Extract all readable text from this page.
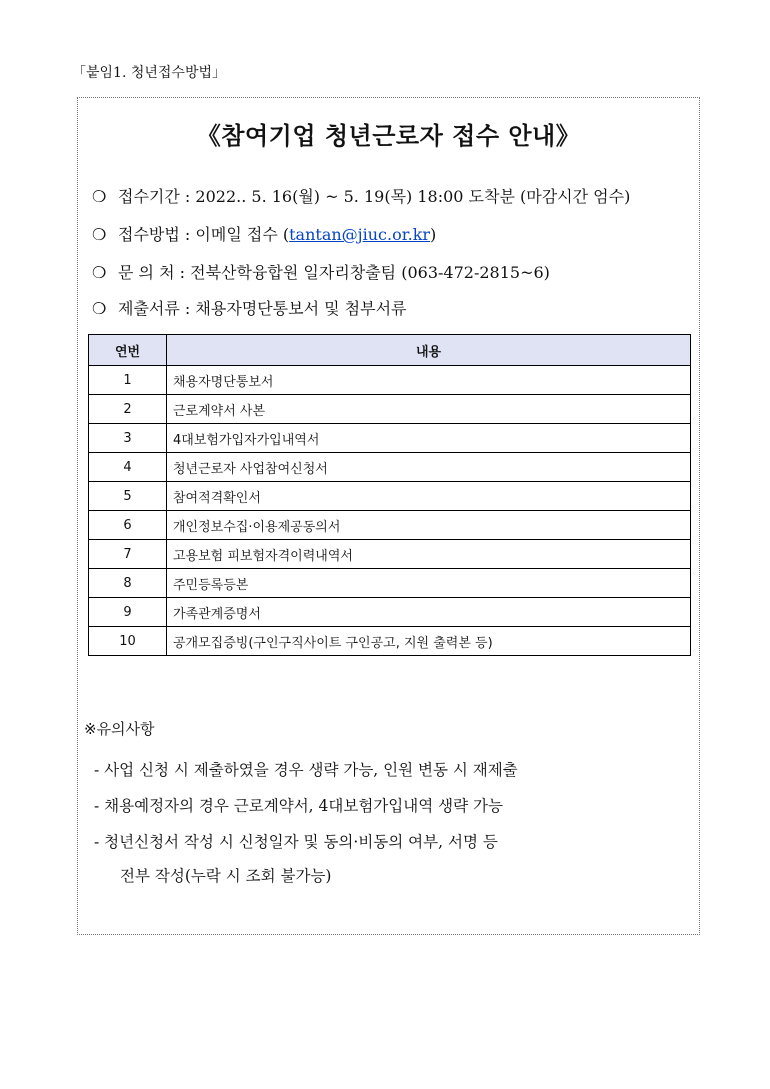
「붙임1. 청년접수방법」
《참여기업 청년근로자 접수 안내》
❍ 접수기간 : 2022.. 5. 16(월) ~ 5. 19(목) 18:00 도착분 (마감시간 엄수)
❍ 접수방법 : 이메일 접수 (tantan@jiuc.or.kr)
❍ 문 의 처 : 전북산학융합원 일자리창출팀 (063-472-2815~6)
❍ 제출서류 : 채용자명단통보서 및 첨부서류
연번	내용
1	채용자명단통보서
2	근로계약서 사본
3	4대보험가입자가입내역서
4	청년근로자 사업참여신청서
5	참여적격확인서
6	개인정보수집·이용제공동의서
7	고용보험 피보험자격이력내역서
8	주민등록등본
9	가족관계증명서
10	공개모집증빙(구인구직사이트 구인공고, 지원 출력본 등)
※유의사항
- 사업 신청 시 제출하였을 경우 생략 가능, 인원 변동 시 재제출
- 채용예정자의 경우 근로계약서, 4대보험가입내역 생략 가능
- 청년신청서 작성 시 신청일자 및 동의·비동의 여부, 서명 등
전부 작성(누락 시 조회 불가능)
